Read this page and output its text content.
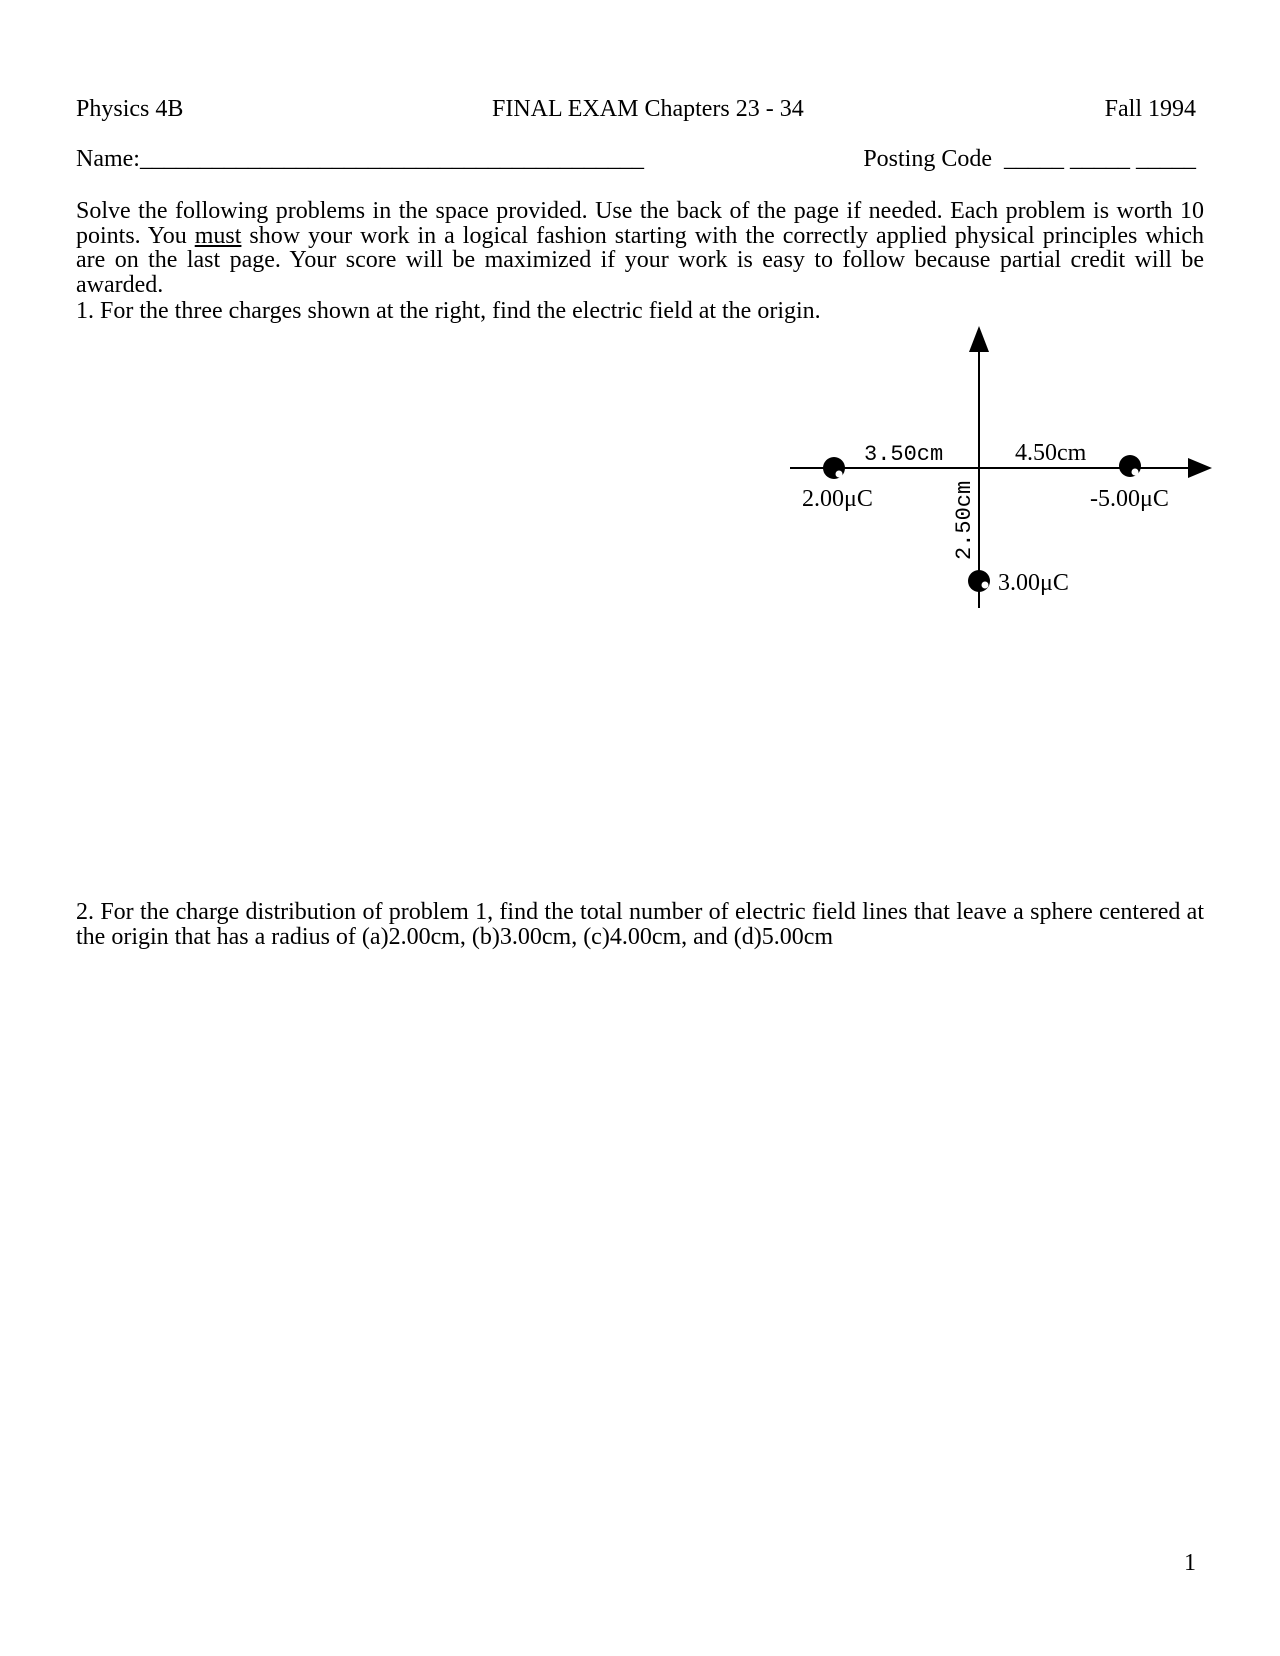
Physics 4B	FINAL EXAM Chapters 23 - 34	Fall 1994
Name:__________________________________________	Posting Code _____ _____ _____
Solve the following problems in the space provided. Use the back of the page if needed. Each problem is worth 10 points. You must show your work in a logical fashion starting with the correctly applied physical principles which are on the last page. Your score will be maximized if your work is easy to follow because partial credit will be awarded.
1. For the three charges shown at the right, find the electric field at the origin.
3.50cm	4.50cm
2.50cm
2.00μC	-5.00μC
3.00μC
2. For the charge distribution of problem 1, find the total number of electric field lines that leave a sphere centered at the origin that has a radius of (a)2.00cm, (b)3.00cm, (c)4.00cm, and (d)5.00cm
1
